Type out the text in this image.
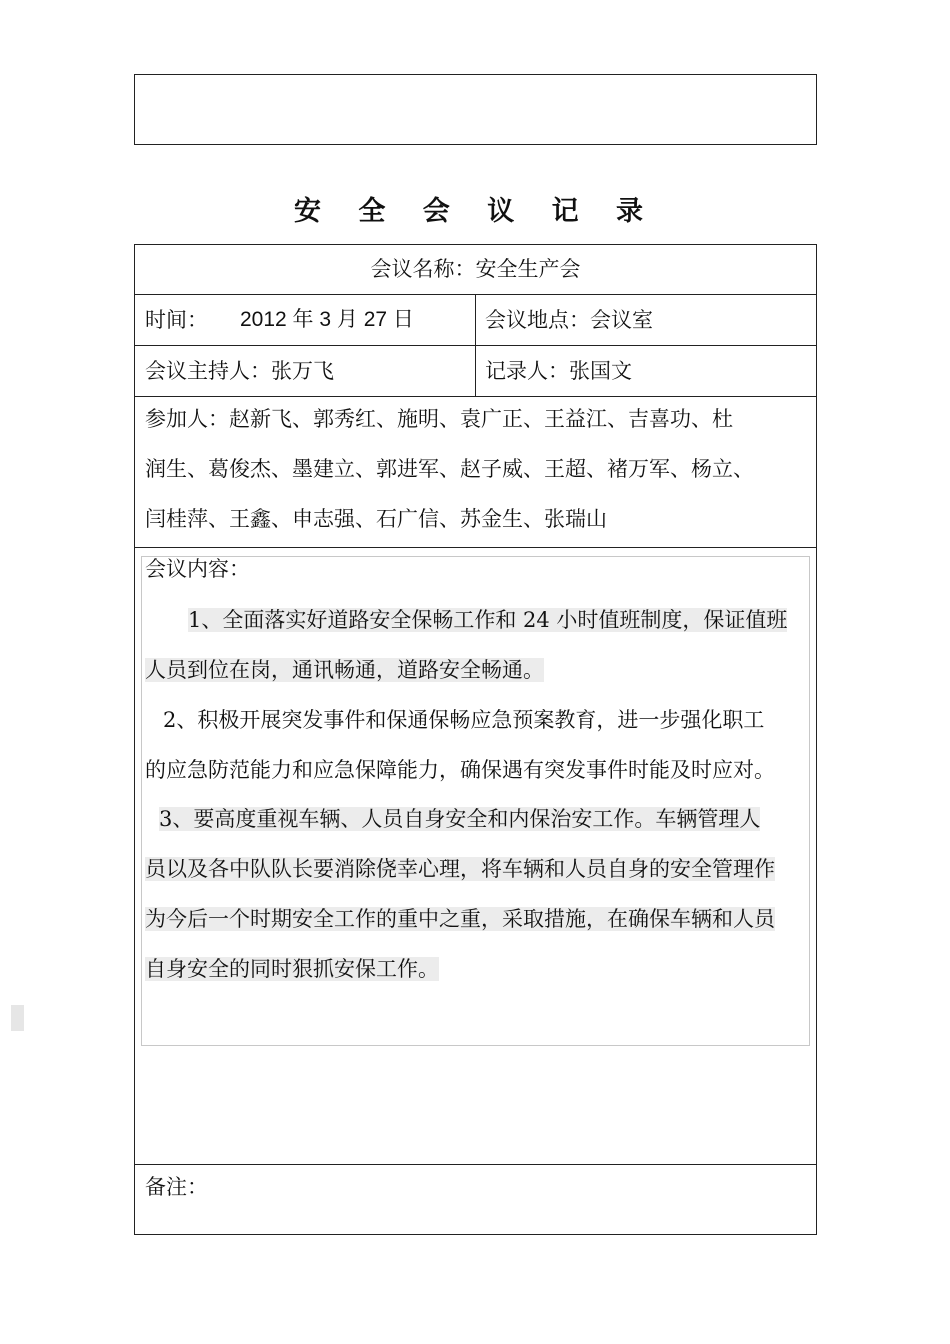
安 全 会 议 记 录
会议名称：安全生产会
时间： 2012 年 3 月 27 日	会议地点：会议室
会议主持人：张万飞	记录人：张国文
参加人：赵新飞、郭秀红、施明、袁广正、王益江、吉喜功、杜
润生、葛俊杰、墨建立、郭进军、赵子威、王超、褚万军、杨立、
闫桂萍、王鑫、申志强、石广信、苏金生、张瑞山
会议内容：
1、全面落实好道路安全保畅工作和 24 小时值班制度，保证值班
人员到位在岗，通讯畅通，道路安全畅通。
2、积极开展突发事件和保通保畅应急预案教育，进一步强化职工
的应急防范能力和应急保障能力，确保遇有突发事件时能及时应对。
3、要高度重视车辆、人员自身安全和内保治安工作。车辆管理人
员以及各中队队长要消除侥幸心理，将车辆和人员自身的安全管理作
为今后一个时期安全工作的重中之重，采取措施，在确保车辆和人员
自身安全的同时狠抓安保工作。
备注：
